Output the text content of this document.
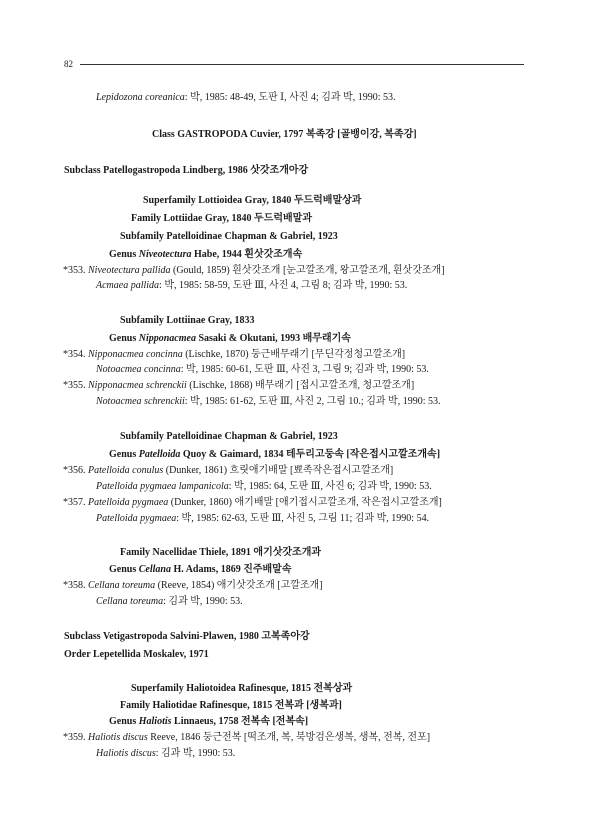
82
Lepidozona coreanica: 박, 1985: 48-49, 도판 Ⅰ, 사진 4; 김과 박, 1990: 53.
Class GASTROPODA Cuvier, 1797 복족강 [골뱅이강, 복족강]
Subclass Patellogastropoda Lindberg, 1986 삿갓조개아강
Superfamily Lottioidea Gray, 1840 두드럭배말상과
Family Lottiidae Gray, 1840 두드럭배말과
Subfamily Patelloidinae Chapman & Gabriel, 1923
Genus Niveotectura Habe, 1944 흰삿갓조개속
*353. Niveotectura pallida (Gould, 1859) 흰삿갓조개 [눈고깔조개, 왕고깔조개, 흰삿갓조개]
Acmaea pallida: 박, 1985: 58-59, 도판 Ⅲ, 사진 4, 그림 8; 김과 박, 1990: 53.
Subfamily Lottiinae Gray, 1833
Genus Nipponacmea Sasaki & Okutani, 1993 배무래기속
*354. Nipponacmea concinna (Lischke, 1870) 둥근배무래기 [무딘각정청고깔조개]
Notoacmea concinna: 박, 1985: 60-61, 도판 Ⅲ, 사진 3, 그림 9; 김과 박, 1990: 53.
*355. Nipponacmea schrenckii (Lischke, 1868) 배무래기 [접시고깔조개, 청고깔조개]
Notoacmea schrenckii: 박, 1985: 61-62, 도판 Ⅲ, 사진 2, 그림 10.; 김과 박, 1990: 53.
Subfamily Patelloidinae Chapman & Gabriel, 1923
Genus Patelloida Quoy & Gaimard, 1834 테두리고둥속 [작은접시고깔조개속]
*356. Patelloida conulus (Dunker, 1861) 흐릿애기배말 [뾰족작은접시고깔조개]
Patelloida pygmaea lampanicola: 박, 1985: 64, 도판 Ⅲ, 사진 6; 김과 박, 1990: 53.
*357. Patelloida pygmaea (Dunker, 1860) 애기배말 [애기접시고깔조개, 작은접시고깔조개]
Patelloida pygmaea: 박, 1985: 62-63, 도판 Ⅲ, 사진 5, 그림 11; 김과 박, 1990: 54.
Family Nacellidae Thiele, 1891 애기삿갓조개과
Genus Cellana H. Adams, 1869 진주배말속
*358. Cellana toreuma (Reeve, 1854) 애기삿갓조개 [고깔조개]
Cellana toreuma: 김과 박, 1990: 53.
Subclass Vetigastropoda Salvini-Plawen, 1980 고복족아강
Order Lepetellida Moskalev, 1971
Superfamily Haliotoidea Rafinesque, 1815 전복상과
Family Haliotidae Rafinesque, 1815 전복과 [생복과]
Genus Haliotis Linnaeus, 1758 전복속 [전복속]
*359. Haliotis discus Reeve, 1846 둥근전복 [떡조개, 복, 북방검은생복, 생복, 전복, 전포]
Haliotis discus: 김과 박, 1990: 53.
